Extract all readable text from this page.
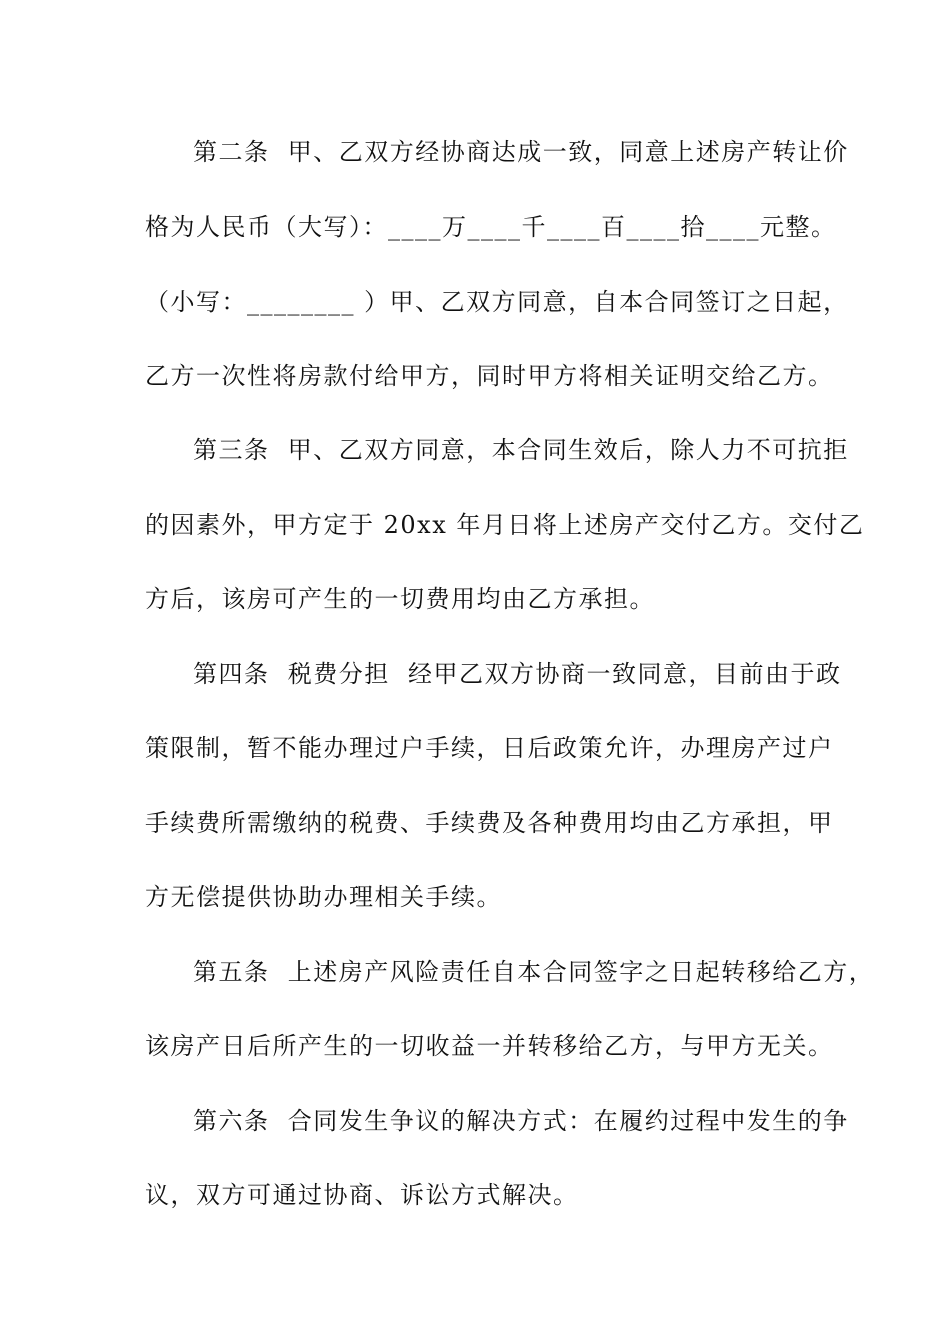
第二条  甲、乙双方经协商达成一致，同意上述房产转让价
格为人民币（大写）：____万____千____百____拾____元整。
（小写：________ ）甲、乙双方同意，自本合同签订之日起，
乙方一次性将房款付给甲方，同时甲方将相关证明交给乙方。
第三条  甲、乙双方同意，本合同生效后，除人力不可抗拒
的因素外，甲方定于 20xx 年月日将上述房产交付乙方。交付乙
方后，该房可产生的一切费用均由乙方承担。
第四条  税费分担  经甲乙双方协商一致同意，目前由于政
策限制，暂不能办理过户手续，日后政策允许，办理房产过户
手续费所需缴纳的税费、手续费及各种费用均由乙方承担，甲
方无偿提供协助办理相关手续。
第五条  上述房产风险责任自本合同签字之日起转移给乙方，
该房产日后所产生的一切收益一并转移给乙方，与甲方无关。
第六条  合同发生争议的解决方式：在履约过程中发生的争
议，双方可通过协商、诉讼方式解决。
